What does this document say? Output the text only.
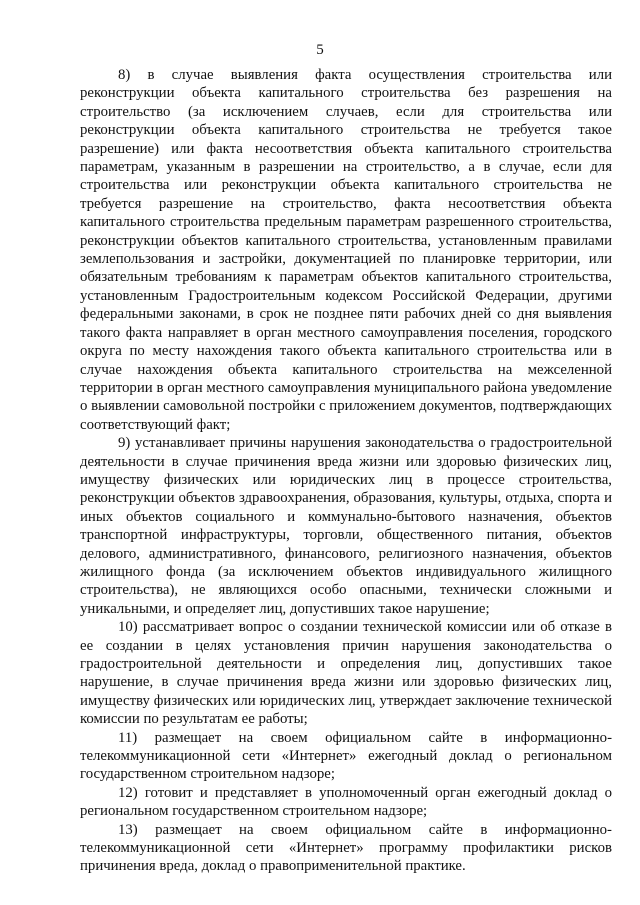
5

8) в случае выявления факта осуществления строительства или реконструкции объекта капитального строительства без разрешения на строительство (за исключением случаев, если для строительства или реконструкции объекта капитального строительства не требуется такое разрешение) или факта несоответствия объекта капитального строительства параметрам, указанным в разрешении на строительство, а в случае, если для строительства или реконструкции объекта капитального строительства не требуется разрешение на строительство, факта несоответствия объекта капитального строительства предельным параметрам разрешенного строительства, реконструкции объектов капитального строительства, установленным правилами землепользования и застройки, документацией по планировке территории, или обязательным требованиям к параметрам объектов капитального строительства, установленным Градостроительным кодексом Российской Федерации, другими федеральными законами, в срок не позднее пяти рабочих дней со дня выявления такого факта направляет в орган местного самоуправления поселения, городского округа по месту нахождения такого объекта капитального строительства или в случае нахождения объекта капитального строительства на межселенной территории в орган местного самоуправления муниципального района уведомление о выявлении самовольной постройки с приложением документов, подтверждающих соответствующий факт;

9) устанавливает причины нарушения законодательства о градостроительной деятельности в случае причинения вреда жизни или здоровью физических лиц, имуществу физических или юридических лиц в процессе строительства, реконструкции объектов здравоохранения, образования, культуры, отдыха, спорта и иных объектов социального и коммунально-бытового назначения, объектов транспортной инфраструктуры, торговли, общественного питания, объектов делового, административного, финансового, религиозного назначения, объектов жилищного фонда (за исключением объектов индивидуального жилищного строительства), не являющихся особо опасными, технически сложными и уникальными, и определяет лиц, допустивших такое нарушение;

10) рассматривает вопрос о создании технической комиссии или об отказе в ее создании в целях установления причин нарушения законодательства о градостроительной деятельности и определения лиц, допустивших такое нарушение, в случае причинения вреда жизни или здоровью физических лиц, имуществу физических или юридических лиц, утверждает заключение технической комиссии по результатам ее работы;

11) размещает на своем официальном сайте в информационно-телекоммуникационной сети «Интернет» ежегодный доклад о региональном государственном строительном надзоре;

12) готовит и представляет в уполномоченный орган ежегодный доклад о региональном государственном строительном надзоре;

13) размещает на своем официальном сайте в информационно-телекоммуникационной сети «Интернет» программу профилактики рисков причинения вреда, доклад о правоприменительной практике.
